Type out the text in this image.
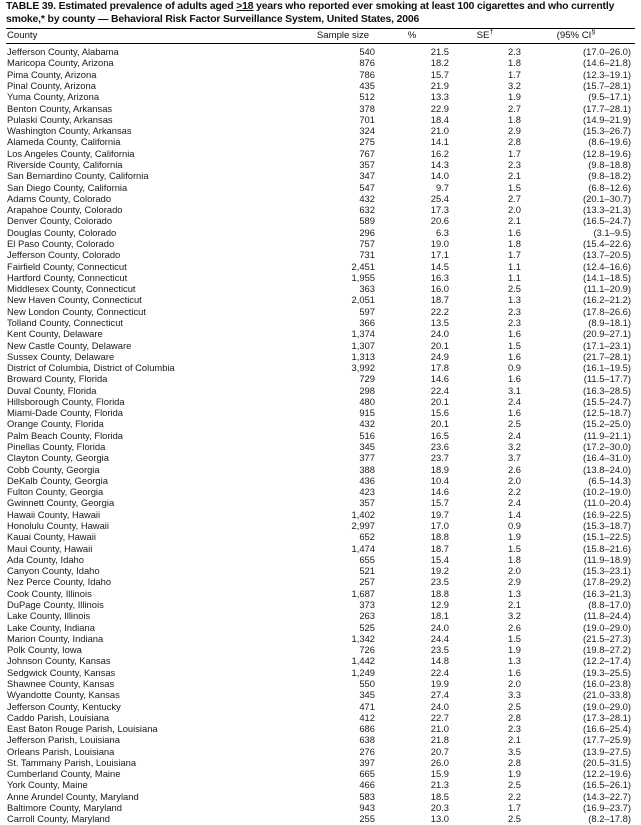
TABLE 39. Estimated prevalence of adults aged >18 years who reported ever smoking at least 100 cigarettes and who currently smoke,* by county — Behavioral Risk Factor Surveillance System, United States, 2006
County	Sample size	%	SE†	(95% CI§
Jefferson County, Alabama	540	21.5	2.3	(17.0–26.0)
Maricopa County, Arizona	876	18.2	1.8	(14.6–21.8)
Pima County, Arizona	786	15.7	1.7	(12.3–19.1)
Pinal County, Arizona	435	21.9	3.2	(15.7–28.1)
Yuma County, Arizona	512	13.3	1.9	(9.5–17.1)
Benton County, Arkansas	378	22.9	2.7	(17.7–28.1)
Pulaski County, Arkansas	701	18.4	1.8	(14.9–21.9)
Washington County, Arkansas	324	21.0	2.9	(15.3–26.7)
Alameda County, California	275	14.1	2.8	(8.6–19.6)
Los Angeles County, California	767	16.2	1.7	(12.8–19.6)
Riverside County, California	357	14.3	2.3	(9.8–18.8)
San Bernardino County, California	347	14.0	2.1	(9.8–18.2)
San Diego County, California	547	9.7	1.5	(6.8–12.6)
Adams County, Colorado	432	25.4	2.7	(20.1–30.7)
Arapahoe County, Colorado	632	17.3	2.0	(13.3–21.3)
Denver County, Colorado	589	20.6	2.1	(16.5–24.7)
Douglas County, Colorado	296	6.3	1.6	(3.1–9.5)
El Paso County, Colorado	757	19.0	1.8	(15.4–22.6)
Jefferson County, Colorado	731	17.1	1.7	(13.7–20.5)
Fairfield County, Connecticut	2,451	14.5	1.1	(12.4–16.6)
Hartford County, Connecticut	1,955	16.3	1.1	(14.1–18.5)
Middlesex County, Connecticut	363	16.0	2.5	(11.1–20.9)
New Haven County, Connecticut	2,051	18.7	1.3	(16.2–21.2)
New London County, Connecticut	597	22.2	2.3	(17.8–26.6)
Tolland County, Connecticut	366	13.5	2.3	(8.9–18.1)
Kent County, Delaware	1,374	24.0	1.6	(20.9–27.1)
New Castle County, Delaware	1,307	20.1	1.5	(17.1–23.1)
Sussex County, Delaware	1,313	24.9	1.6	(21.7–28.1)
District of Columbia, District of Columbia	3,992	17.8	0.9	(16.1–19.5)
Broward County, Florida	729	14.6	1.6	(11.5–17.7)
Duval County, Florida	298	22.4	3.1	(16.3–28.5)
Hillsborough County, Florida	480	20.1	2.4	(15.5–24.7)
Miami-Dade County, Florida	915	15.6	1.6	(12.5–18.7)
Orange County, Florida	432	20.1	2.5	(15.2–25.0)
Palm Beach County, Florida	516	16.5	2.4	(11.9–21.1)
Pinellas County, Florida	345	23.6	3.2	(17.2–30.0)
Clayton County, Georgia	377	23.7	3.7	(16.4–31.0)
Cobb County, Georgia	388	18.9	2.6	(13.8–24.0)
DeKalb County, Georgia	436	10.4	2.0	(6.5–14.3)
Fulton County, Georgia	423	14.6	2.2	(10.2–19.0)
Gwinnett County, Georgia	357	15.7	2.4	(11.0–20.4)
Hawaii County, Hawaii	1,402	19.7	1.4	(16.9–22.5)
Honolulu County, Hawaii	2,997	17.0	0.9	(15.3–18.7)
Kauai County, Hawaii	652	18.8	1.9	(15.1–22.5)
Maui County, Hawaii	1,474	18.7	1.5	(15.8–21.6)
Ada County, Idaho	655	15.4	1.8	(11.9–18.9)
Canyon County, Idaho	521	19.2	2.0	(15.3–23.1)
Nez Perce County, Idaho	257	23.5	2.9	(17.8–29.2)
Cook County, Illinois	1,687	18.8	1.3	(16.3–21.3)
DuPage County, Illinois	373	12.9	2.1	(8.8–17.0)
Lake County, Illinois	263	18.1	3.2	(11.8–24.4)
Lake County, Indiana	525	24.0	2.6	(19.0–29.0)
Marion County, Indiana	1,342	24.4	1.5	(21.5–27.3)
Polk County, Iowa	726	23.5	1.9	(19.8–27.2)
Johnson County, Kansas	1,442	14.8	1.3	(12.2–17.4)
Sedgwick County, Kansas	1,249	22.4	1.6	(19.3–25.5)
Shawnee County, Kansas	550	19.9	2.0	(16.0–23.8)
Wyandotte County, Kansas	345	27.4	3.3	(21.0–33.8)
Jefferson County, Kentucky	471	24.0	2.5	(19.0–29.0)
Caddo Parish, Louisiana	412	22.7	2.8	(17.3–28.1)
East Baton Rouge Parish, Louisiana	686	21.0	2.3	(16.6–25.4)
Jefferson Parish, Louisiana	638	21.8	2.1	(17.7–25.9)
Orleans Parish, Louisiana	276	20.7	3.5	(13.9–27.5)
St. Tammany Parish, Louisiana	397	26.0	2.8	(20.5–31.5)
Cumberland County, Maine	665	15.9	1.9	(12.2–19.6)
York County, Maine	466	21.3	2.5	(16.5–26.1)
Anne Arundel County, Maryland	583	18.5	2.2	(14.3–22.7)
Baltimore County, Maryland	943	20.3	1.7	(16.9–23.7)
Carroll County, Maryland	255	13.0	2.5	(8.2–17.8)
